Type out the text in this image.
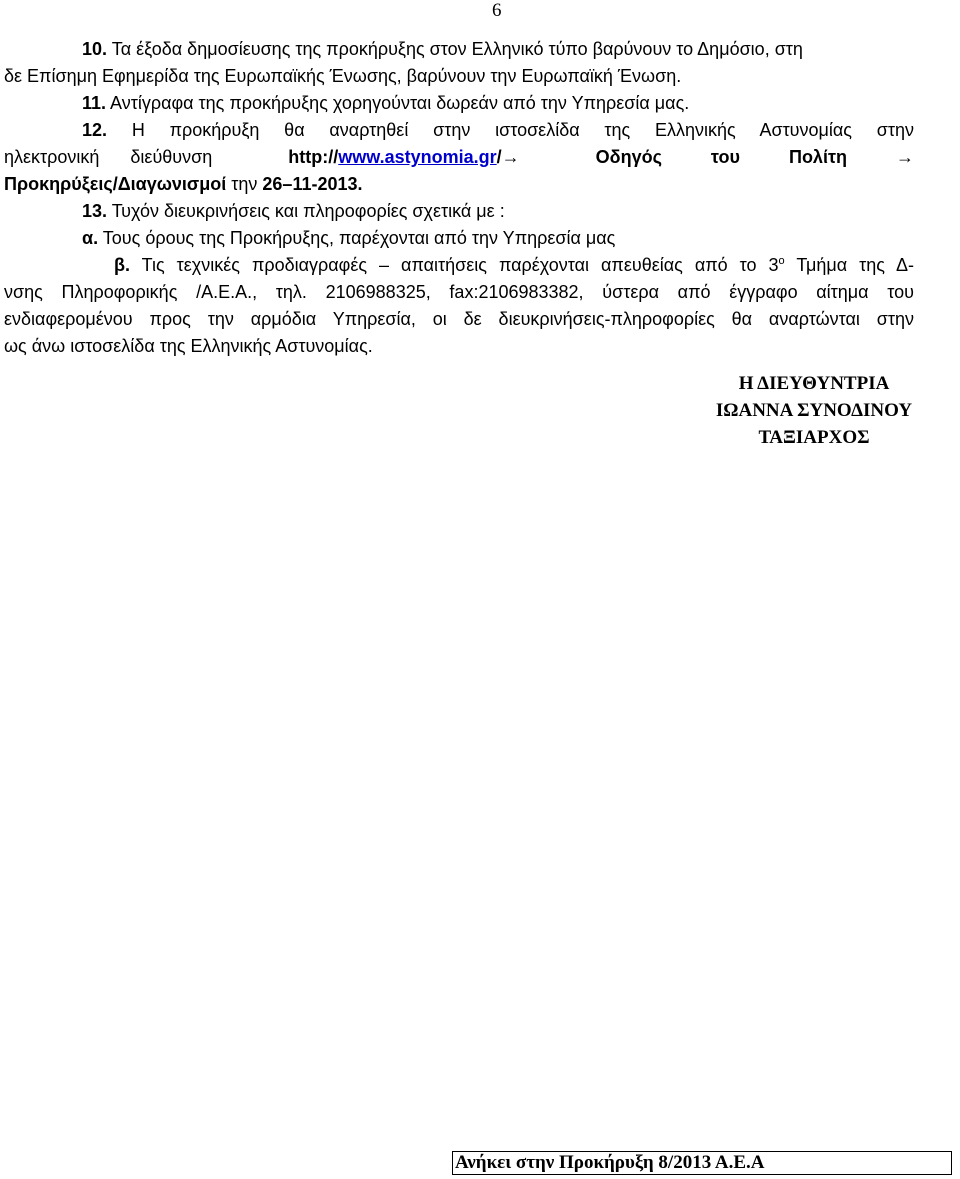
6
10. Τα έξοδα δημοσίευσης της προκήρυξης στον Ελληνικό τύπο βαρύνουν το Δημόσιο, στη
δε Επίσημη Εφημερίδα της Ευρωπαϊκής Ένωσης, βαρύνουν την Ευρωπαϊκή Ένωση.
11. Αντίγραφα της προκήρυξης χορηγούνται δωρεάν από την Υπηρεσία μας.
12. Η προκήρυξη θα αναρτηθεί στην ιστοσελίδα της Ελληνικής Αστυνομίας στην
ηλεκτρονική διεύθυνση	http://www.astynomia.gr/→	Οδηγός του Πολίτη →
Προκηρύξεις/Διαγωνισμοί την 26–11-2013.
13. Τυχόν διευκρινήσεις και πληροφορίες σχετικά με :
α. Τους όρους της Προκήρυξης, παρέχονται από την Υπηρεσία μας
β. Τις τεχνικές προδιαγραφές – απαιτήσεις παρέχονται απευθείας από το $3^o$ Τμήμα της Δ-
νσης Πληροφορικής /Α.Ε.Α., τηλ. 2106988325, fax:2106983382, ύστερα από έγγραφο αίτημα του
ενδιαφερομένου προς την αρμόδια Υπηρεσία, οι δε διευκρινήσεις-πληροφορίες θα αναρτώνται στην
ως άνω ιστοσελίδα της Ελληνικής Αστυνομίας.
Η ΔΙΕΥΘΥΝΤΡΙΑ
ΙΩΑΝΝΑ ΣΥΝΟΔΙΝΟΥ
ΤΑΞΙΑΡΧΟΣ
Ανήκει στην Προκήρυξη 8/2013 Α.Ε.Α
